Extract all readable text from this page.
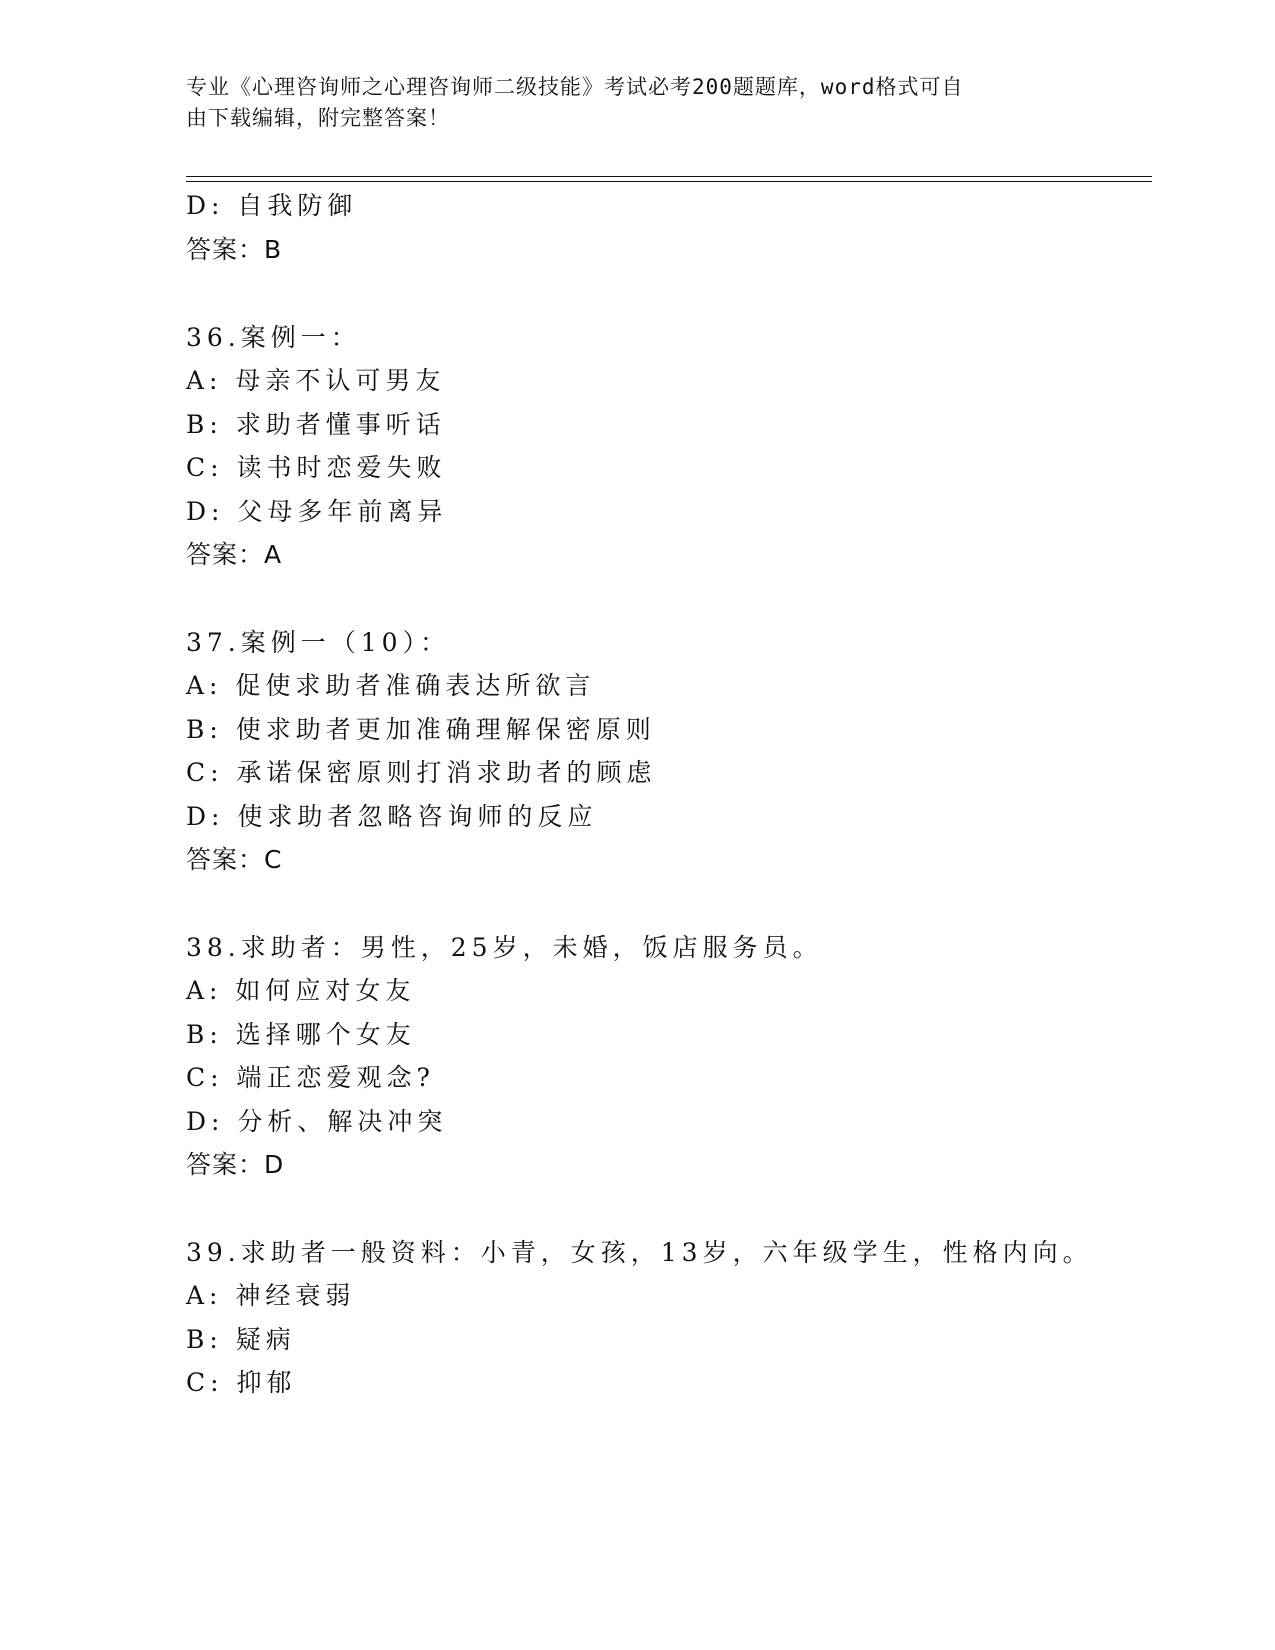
专业《心理咨询师之心理咨询师二级技能》考试必考200题题库，word格式可自
由下载编辑，附完整答案！
D: 自我防御
答案：B
36.案例一：
A: 母亲不认可男友
B: 求助者懂事听话
C: 读书时恋爱失败
D: 父母多年前离异
答案：A
37.案例一（10）：
A: 促使求助者准确表达所欲言
B: 使求助者更加准确理解保密原则
C: 承诺保密原则打消求助者的顾虑
D: 使求助者忽略咨询师的反应
答案：C
38.求助者：男性，25岁，未婚，饭店服务员。
A: 如何应对女友
B: 选择哪个女友
C: 端正恋爱观念?
D: 分析、解决冲突
答案：D
39.求助者一般资料：小青，女孩，13岁，六年级学生，性格内向。
A: 神经衰弱
B: 疑病
C: 抑郁
